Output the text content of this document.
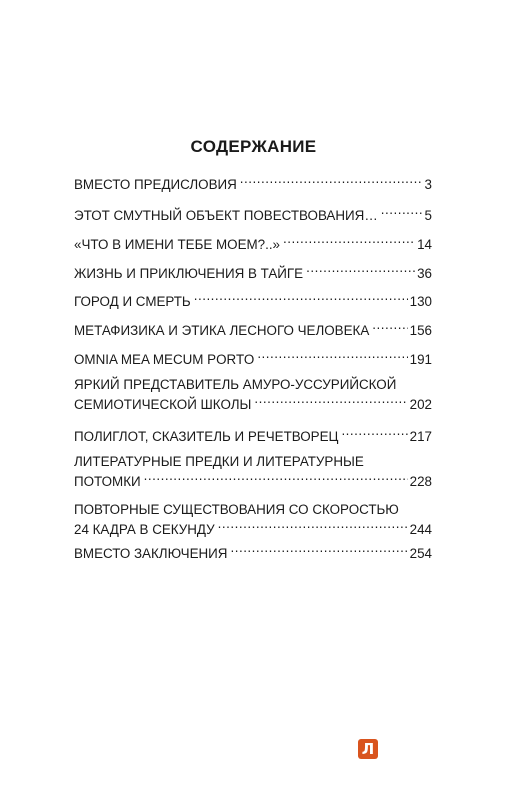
СОДЕРЖАНИЕ
ВМЕСТО ПРЕДИСЛОВИЯ . . .	3
ЭТОТ СМУТНЫЙ ОБЪЕКТ ПОВЕСТВОВАНИЯ… . . .	5
«ЧТО В ИМЕНИ ТЕБЕ МОЕМ?..» . . .	14
ЖИЗНЬ И ПРИКЛЮЧЕНИЯ В ТАЙГЕ . . .	36
ГОРОД И СМЕРТЬ . . .	130
МЕТАФИЗИКА И ЭТИКА ЛЕСНОГО ЧЕЛОВЕКА . . .	156
OMNIA MEA MECUM PORTO . . .	191
ЯРКИЙ ПРЕДСТАВИТЕЛЬ АМУРО-УССУРИЙСКОЙ
СЕМИОТИЧЕСКОЙ ШКОЛЫ . . .	202
ПОЛИГЛОТ, СКАЗИТЕЛЬ И РЕЧЕТВОРЕЦ . . .	217
ЛИТЕРАТУРНЫЕ ПРЕДКИ И ЛИТЕРАТУРНЫЕ
ПОТОМКИ . . .	228
ПОВТОРНЫЕ СУЩЕСТВОВАНИЯ СО СКОРОСТЬЮ
24 КАДРА В СЕКУНДУ . . .	244
ВМЕСТО ЗАКЛЮЧЕНИЯ . . .	254
Л
